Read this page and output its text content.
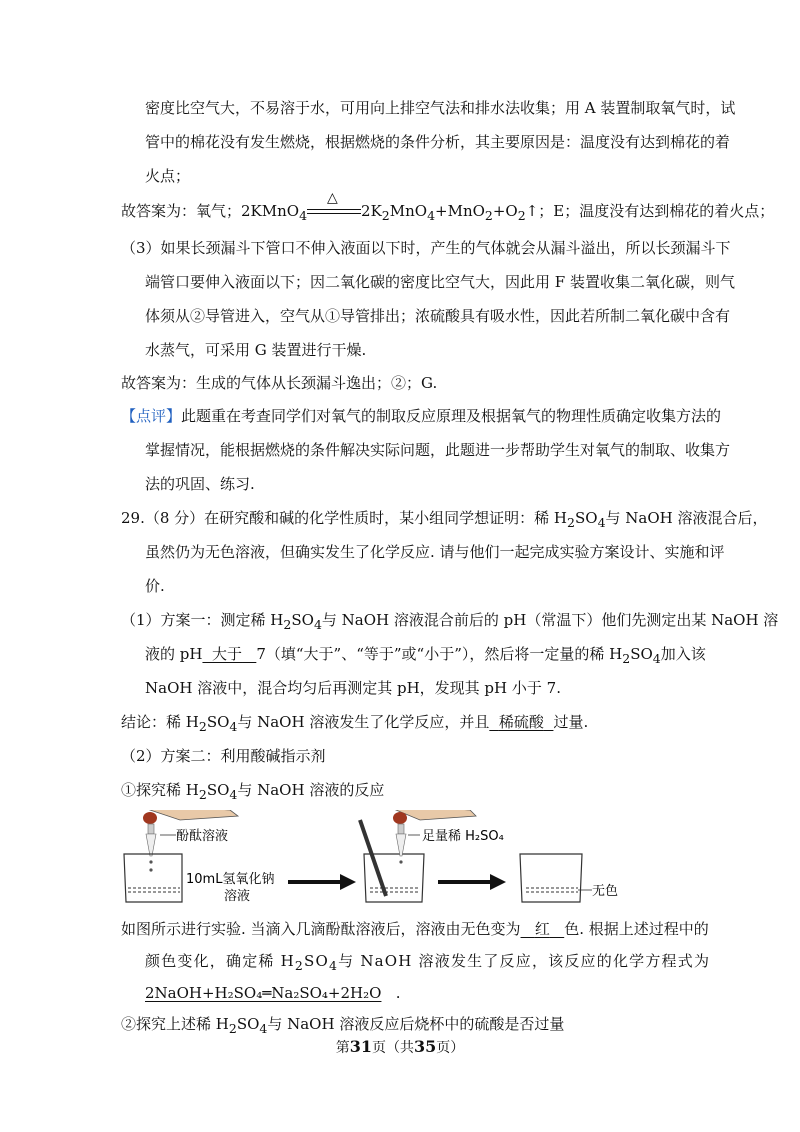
密度比空气大，不易溶于水，可用向上排空气法和排水法收集；用 A 装置制取氧气时，试
管中的棉花没有发生燃烧，根据燃烧的条件分析，其主要原因是：温度没有达到棉花的着
火点；
故答案为：氧气；2KMnO$_4$
△
$2K_2MnO_4+MnO_2+O_2↑$；E；温度没有达到棉花的着火点；
（3）如果长颈漏斗下管口不伸入液面以下时，产生的气体就会从漏斗溢出，所以长颈漏斗下
端管口要伸入液面以下；因二氧化碳的密度比空气大，因此用 F 装置收集二氧化碳，则气
体须从②导管进入，空气从①导管排出；浓硫酸具有吸水性，因此若所制二氧化碳中含有
水蒸气，可采用 G 装置进行干燥.
故答案为：生成的气体从长颈漏斗逸出；②；G.
【点评】此题重在考查同学们对氧气的制取反应原理及根据氧气的物理性质确定收集方法的
掌握情况，能根据燃烧的条件解决实际问题，此题进一步帮助学生对氧气的制取、收集方
法的巩固、练习.
29.（8 分）在研究酸和碱的化学性质时，某小组同学想证明：稀 $H_2SO_4$与 NaOH 溶液混合后，
虽然仍为无色溶液，但确实发生了化学反应. 请与他们一起完成实验方案设计、实施和评
价.
（1）方案一：测定稀 $H_2SO_4$与 NaOH 溶液混合前后的 pH（常温下）他们先测定出某 NaOH 溶
液的 pH 大于 7（填“大于”、“等于”或“小于”），然后将一定量的稀 $H_2SO_4$加入该
NaOH 溶液中，混合均匀后再测定其 pH，发现其 pH 小于 7.
结论：稀 $H_2SO_4$与 NaOH 溶液发生了化学反应，并且 稀硫酸 过量.
（2）方案二：利用酸碱指示剂
①探究稀 $H_2SO_4$与 NaOH 溶液的反应
酚酞溶液
10mL氢氧化钠
溶液
足量稀 H₂SO₄
无色
如图所示进行实验. 当滴入几滴酚酞溶液后，溶液由无色变为 红 色. 根据上述过程中的
颜色变化，确定稀 $H_2SO_4$与 NaOH 溶液发生了反应，该反应的化学方程式为
2NaOH+H₂SO₄═Na₂SO₄+2H₂O .
②探究上述稀 $H_2SO_4$与 NaOH 溶液反应后烧杯中的硫酸是否过量
第31页（共35页）
